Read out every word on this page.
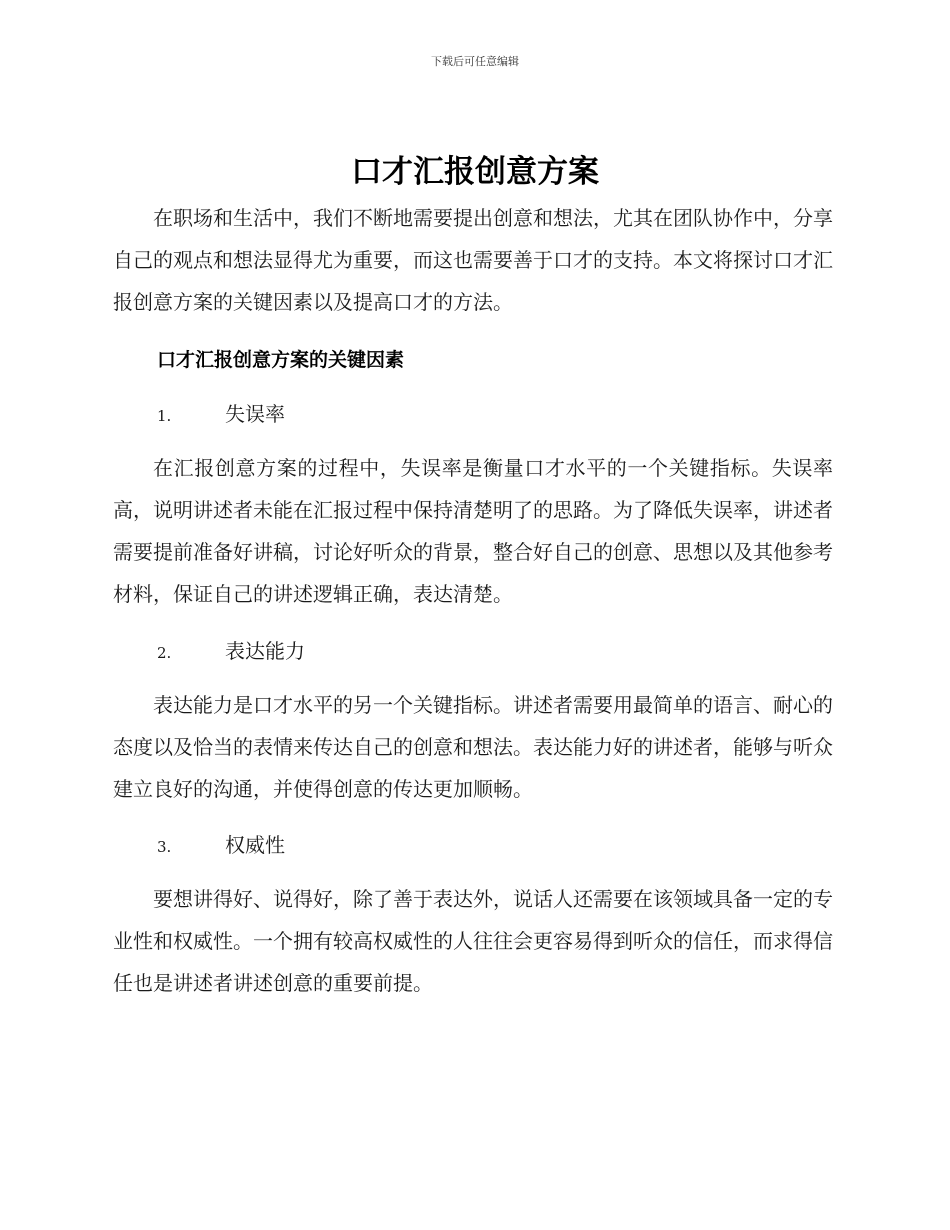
下载后可任意编辑
口才汇报创意方案

在职场和生活中，我们不断地需要提出创意和想法，尤其在团队协作中，分享自己的观点和想法显得尤为重要，而这也需要善于口才的支持。本文将探讨口才汇报创意方案的关键因素以及提高口才的方法。

口才汇报创意方案的关键因素
1.	失误率

在汇报创意方案的过程中，失误率是衡量口才水平的一个关键指标。失误率高，说明讲述者未能在汇报过程中保持清楚明了的思路。为了降低失误率，讲述者需要提前准备好讲稿，讨论好听众的背景，整合好自己的创意、思想以及其他参考材料，保证自己的讲述逻辑正确，表达清楚。

2.	表达能力

表达能力是口才水平的另一个关键指标。讲述者需要用最简单的语言、耐心的态度以及恰当的表情来传达自己的创意和想法。表达能力好的讲述者，能够与听众建立良好的沟通，并使得创意的传达更加顺畅。

3.	权威性

要想讲得好、说得好，除了善于表达外，说话人还需要在该领域具备一定的专业性和权威性。一个拥有较高权威性的人往往会更容易得到听众的信任，而求得信任也是讲述者讲述创意的重要前提。
